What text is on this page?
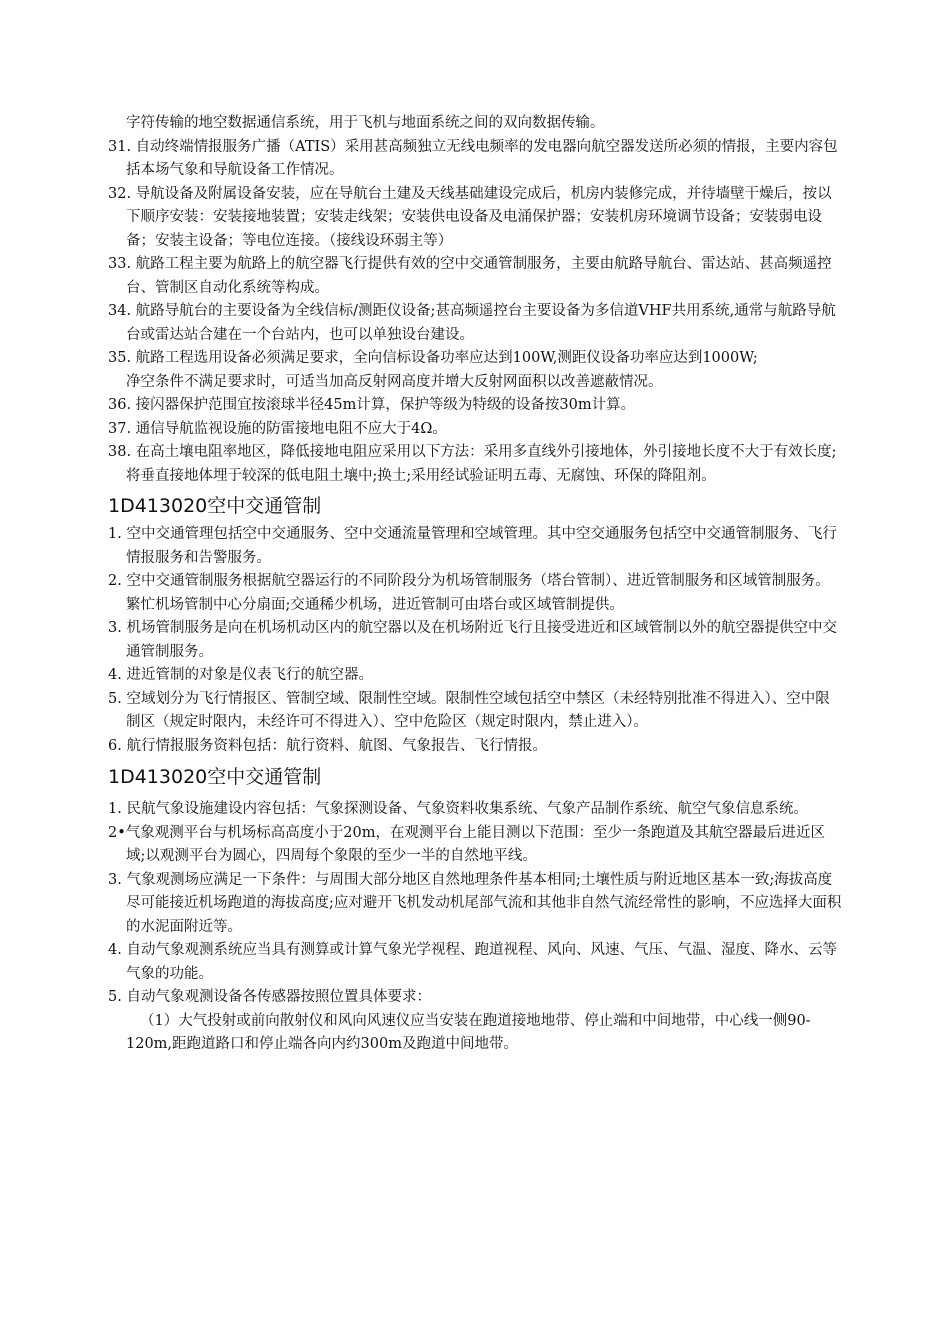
字符传输的地空数据通信系统，用于飞机与地面系统之间的双向数据传输。

31. 自动终端情报服务广播（ATIS）采用甚高频独立无线电频率的发电器向航空器发送所必须的情报，主要内容包括本场气象和导航设备工作情况。

32. 导航设备及附属设备安装，应在导航台土建及天线基础建设完成后，机房内装修完成，并待墙壁干燥后，按以下顺序安装：安装接地装置；安装走线架；安装供电设备及电涌保护器；安装机房环境调节设备；安装弱电设备；安装主设备；等电位连接。（接线设环弱主等）

33. 航路工程主要为航路上的航空器飞行提供有效的空中交通管制服务，主要由航路导航台、雷达站、甚高频遥控台、管制区自动化系统等构成。

34. 航路导航台的主要设备为全线信标/测距仪设备;甚高频遥控台主要设备为多信道VHF共用系统,通常与航路导航台或雷达站合建在一个台站内，也可以单独设台建设。

35. 航路工程选用设备必须满足要求，全向信标设备功率应达到100W,测距仪设备功率应达到1000W;

净空条件不满足要求时，可适当加高反射网高度并增大反射网面积以改善遮蔽情况。

36. 接闪器保护范围宜按滚球半径45m计算，保护等级为特级的设备按30m计算。

37. 通信导航监视设施的防雷接地电阻不应大于4Ω。

38. 在高土壤电阻率地区，降低接地电阻应采用以下方法：采用多直线外引接地体，外引接地长度不大于有效长度;将垂直接地体埋于较深的低电阻土壤中;换土;采用经试验证明五毒、无腐蚀、环保的降阻剂。

1D413020空中交通管制

1. 空中交通管理包括空中交通服务、空中交通流量管理和空域管理。其中空交通服务包括空中交通管制服务、飞行情报服务和告警服务。

2. 空中交通管制服务根据航空器运行的不同阶段分为机场管制服务（塔台管制）、进近管制服务和区域管制服务。繁忙机场管制中心分扇面;交通稀少机场，进近管制可由塔台或区域管制提供。

3. 机场管制服务是向在机场机动区内的航空器以及在机场附近飞行且接受进近和区域管制以外的航空器提供空中交通管制服务。

4. 进近管制的对象是仪表飞行的航空器。

5. 空域划分为飞行情报区、管制空域、限制性空域。限制性空域包括空中禁区（未经特别批准不得进入）、空中限制区（规定时限内，未经许可不得进入）、空中危险区（规定时限内，禁止进入）。

6. 航行情报服务资料包括：航行资料、航图、气象报告、飞行情报。

1D413020空中交通管制

1. 民航气象设施建设内容包括：气象探测设备、气象资料收集系统、气象产品制作系统、航空气象信息系统。

2•气象观测平台与机场标高高度小于20m，在观测平台上能目测以下范围：至少一条跑道及其航空器最后进近区域;以观测平台为圆心，四周每个象限的至少一半的自然地平线。

3. 气象观测场应满足一下条件：与周围大部分地区自然地理条件基本相同;土壤性质与附近地区基本一致;海拔高度尽可能接近机场跑道的海拔高度;应对避开飞机发动机尾部气流和其他非自然气流经常性的影响，不应选择大面积的水泥面附近等。

4. 自动气象观测系统应当具有测算或计算气象光学视程、跑道视程、风向、风速、气压、气温、湿度、降水、云等气象的功能。

5. 自动气象观测设备各传感器按照位置具体要求：

（1）大气投射或前向散射仪和风向风速仪应当安装在跑道接地地带、停止端和中间地带，中心线一侧90-120m,距跑道路口和停止端各向内约300m及跑道中间地带。
